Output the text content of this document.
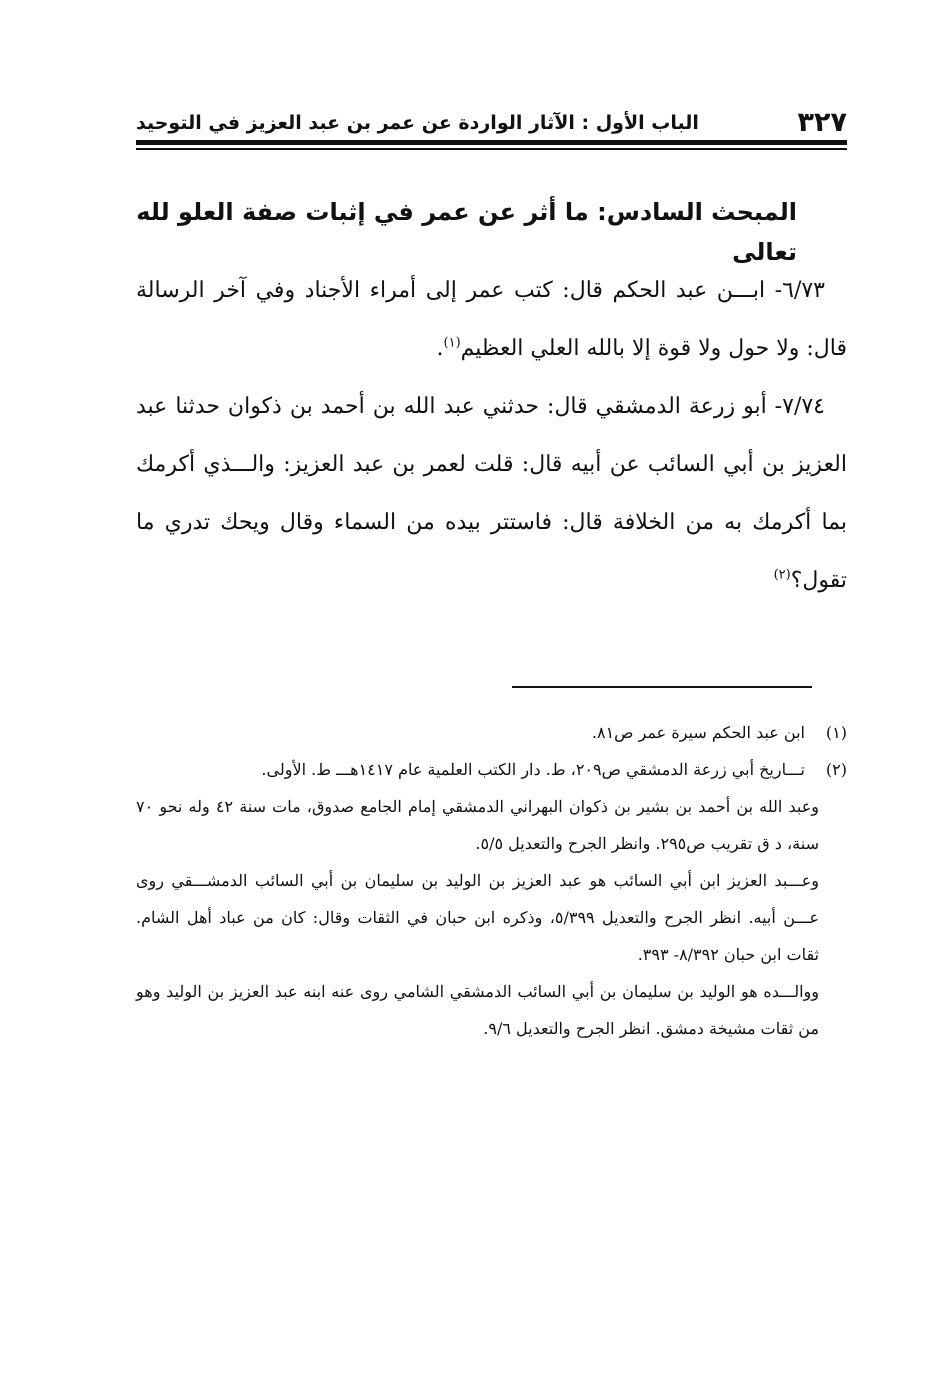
٣٢٧
الباب الأول : الآثار الواردة عن عمر بن عبد العزيز في التوحيد
المبحث السادس: ما أثر عن عمر في إثبات صفة العلو لله تعالى

٦/٧٣- ابـــن عبد الحكم قال: كتب عمر إلى أمراء الأجناد وفي آخر الرسالة قال: ولا حول ولا قوة إلا بالله العلي العظيم$^{(١)}$.

٧/٧٤- أبو زرعة الدمشقي قال: حدثني عبد الله بن أحمد بن ذكوان حدثنا عبد العزيز بن أبي السائب عن أبيه قال: قلت لعمر بن عبد العزيز: والـــذي أكرمك بما أكرمك به من الخلافة قال: فاستتر بيده من السماء وقال ويحك تدري ما تقول؟$^{(٢)}$

(١)
ابن عبد الحكم سيرة عمر ص٨١.
(٢)
تـــاريخ أبي زرعة الدمشقي ص٢٠٩، ط. دار الكتب العلمية عام ١٤١٧هـــ ط. الأولى.

وعبد الله بن أحمد بن بشير بن ذكوان البهراني الدمشقي إمام الجامع صدوق، مات سنة ٤٢ وله نحو ٧٠ سنة، د ق تقريب ص٢٩٥. وانظر الجرح والتعديل ٥/٥.

وعـــبد العزيز ابن أبي السائب هو عبد العزيز بن الوليد بن سليمان بن أبي السائب الدمشـــقي روى عـــن أبيه. انظر الجرح والتعديل ٥/٣٩٩، وذكره ابن حبان في الثقات وقال: كان من عباد أهل الشام. ثقات ابن حبان ٨/٣٩٢- ٣٩٣.

ووالـــده هو الوليد بن سليمان بن أبي السائب الدمشقي الشامي روى عنه ابنه عبد العزيز بن الوليد وهو من ثقات مشيخة دمشق. انظر الجرح والتعديل ٩/٦.
